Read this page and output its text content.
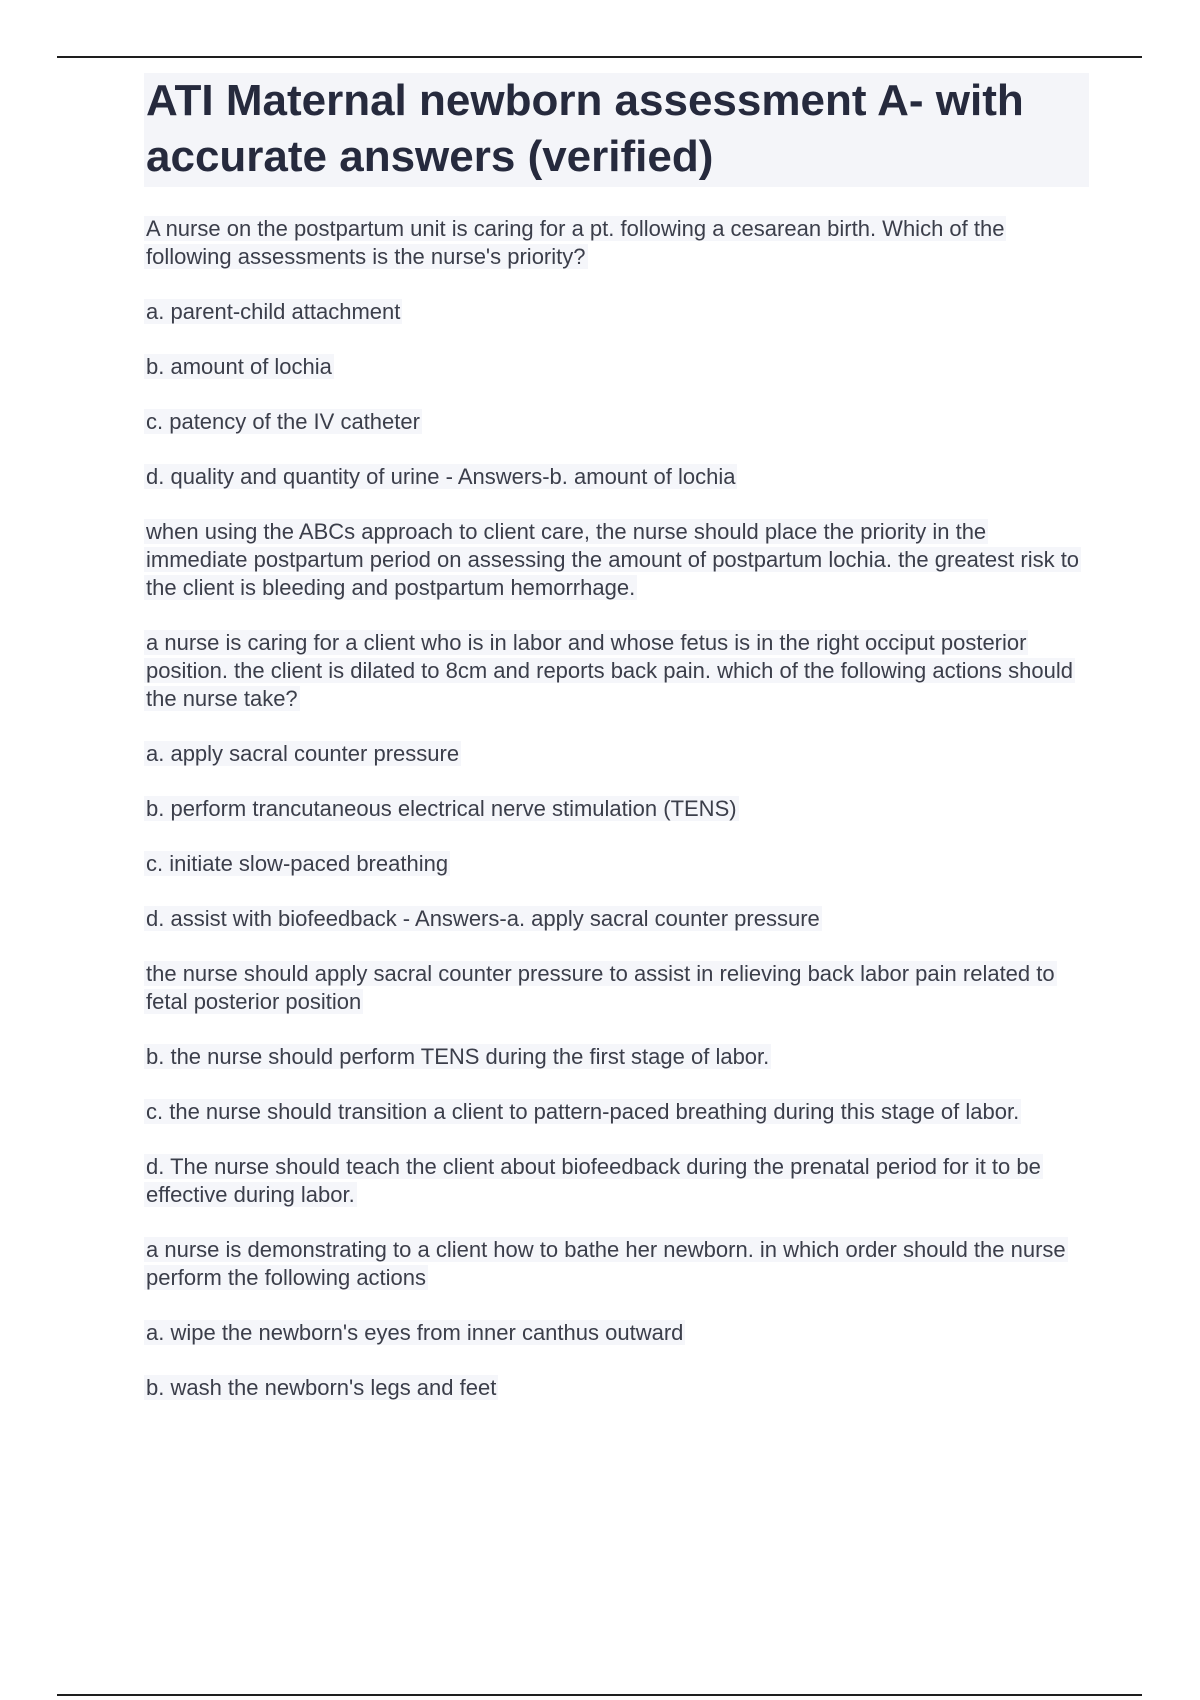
ATI Maternal newborn assessment A- with accurate answers (verified)

A nurse on the postpartum unit is caring for a pt. following a cesarean birth. Which of the following assessments is the nurse's priority?

a. parent-child attachment

b. amount of lochia

c. patency of the IV catheter

d. quality and quantity of urine - Answers-b. amount of lochia

when using the ABCs approach to client care, the nurse should place the priority in the immediate postpartum period on assessing the amount of postpartum lochia. the greatest risk to the client is bleeding and postpartum hemorrhage.

a nurse is caring for a client who is in labor and whose fetus is in the right occiput posterior position. the client is dilated to 8cm and reports back pain. which of the following actions should the nurse take?

a. apply sacral counter pressure

b. perform trancutaneous electrical nerve stimulation (TENS)

c. initiate slow-paced breathing

d. assist with biofeedback - Answers-a. apply sacral counter pressure

the nurse should apply sacral counter pressure to assist in relieving back labor pain related to fetal posterior position

b. the nurse should perform TENS during the first stage of labor.

c. the nurse should transition a client to pattern-paced breathing during this stage of labor.

d. The nurse should teach the client about biofeedback during the prenatal period for it to be effective during labor.

a nurse is demonstrating to a client how to bathe her newborn. in which order should the nurse perform the following actions

a. wipe the newborn's eyes from inner canthus outward

b. wash the newborn's legs and feet
